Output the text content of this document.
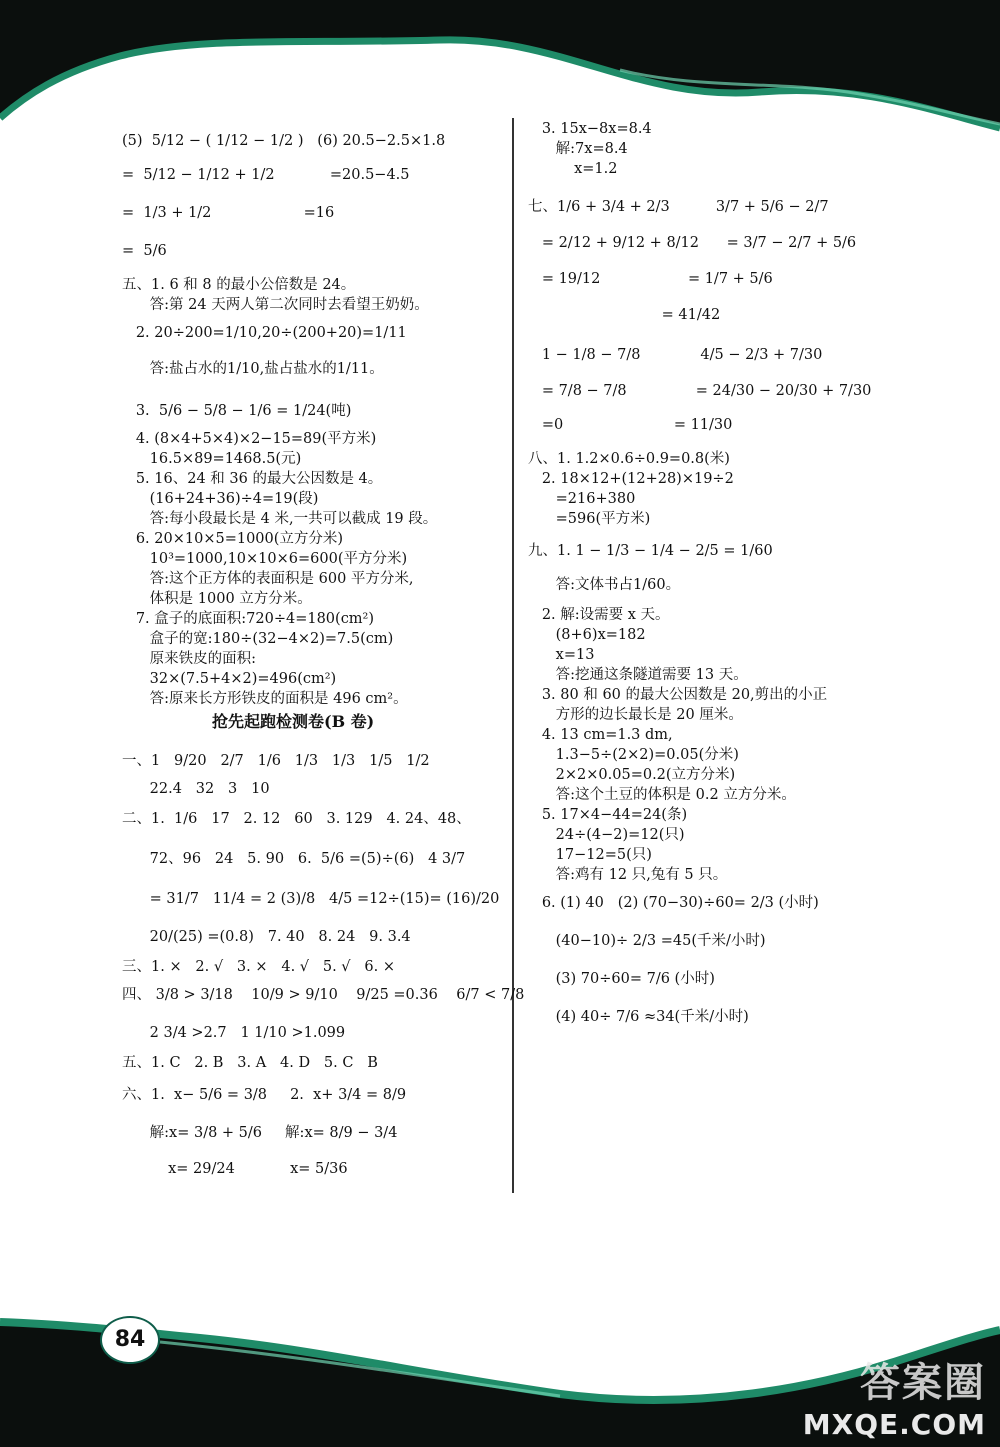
84
(5)  5/12 − ( 1/12 − 1/2 )   (6) 20.5−2.5×1.8
=  5/12 − 1/12 + 1/2            =20.5−4.5
=  1/3 + 1/2                    =16
=  5/6
五、1. 6 和 8 的最小公倍数是 24。
答:第 24 天两人第二次同时去看望王奶奶。
2. 20÷200=1/10,20÷(200+20)=1/11
答:盐占水的1/10,盐占盐水的1/11。
3.  5/6 − 5/8 − 1/6 = 1/24(吨)
4. (8×4+5×4)×2−15=89(平方米)
16.5×89=1468.5(元)
5. 16、24 和 36 的最大公因数是 4。
(16+24+36)÷4=19(段)
答:每小段最长是 4 米,一共可以截成 19 段。
6. 20×10×5=1000(立方分米)
10³=1000,10×10×6=600(平方分米)
答:这个正方体的表面积是 600 平方分米,
体积是 1000 立方分米。
7. 盒子的底面积:720÷4=180(cm²)
盒子的宽:180÷(32−4×2)=7.5(cm)
原来铁皮的面积:
32×(7.5+4×2)=496(cm²)
答:原来长方形铁皮的面积是 496 cm²。
抢先起跑检测卷(B 卷)
一、1   9/20   2/7   1/6   1/3   1/3   1/5   1/2
22.4   32   3   10
二、1.  1/6   17   2. 12   60   3. 129   4. 24、48、
72、96   24   5. 90   6.  5/6 =(5)÷(6)   4 3/7
= 31/7   11/4 = 2 (3)/8   4/5 =12÷(15)= (16)/20
20/(25) =(0.8)   7. 40   8. 24   9. 3.4
三、1. ×   2. √   3. ×   4. √   5. √   6. ×
四、 3/8 > 3/18    10/9 > 9/10    9/25 =0.36    6/7 < 7/8
2 3/4 >2.7   1 1/10 >1.099
五、1. C   2. B   3. A   4. D   5. C   B
六、1.  x− 5/6 = 3/8     2.  x+ 3/4 = 8/9
解:x= 3/8 + 5/6     解:x= 8/9 − 3/4
x= 29/24            x= 5/36
3. 15x−8x=8.4
解:7x=8.4
x=1.2
七、1/6 + 3/4 + 2/3          3/7 + 5/6 − 2/7
= 2/12 + 9/12 + 8/12      = 3/7 − 2/7 + 5/6
= 19/12                   = 1/7 + 5/6
= 41/42
1 − 1/8 − 7/8             4/5 − 2/3 + 7/30
= 7/8 − 7/8               = 24/30 − 20/30 + 7/30
=0                        = 11/30
八、1. 1.2×0.6÷0.9=0.8(米)
2. 18×12+(12+28)×19÷2
=216+380
=596(平方米)
九、1. 1 − 1/3 − 1/4 − 2/5 = 1/60
答:文体书占1/60。
2. 解:设需要 x 天。
(8+6)x=182
x=13
答:挖通这条隧道需要 13 天。
3. 80 和 60 的最大公因数是 20,剪出的小正
方形的边长最长是 20 厘米。
4. 13 cm=1.3 dm,
1.3−5÷(2×2)=0.05(分米)
2×2×0.05=0.2(立方分米)
答:这个土豆的体积是 0.2 立方分米。
5. 17×4−44=24(条)
24÷(4−2)=12(只)
17−12=5(只)
答:鸡有 12 只,兔有 5 只。
6. (1) 40   (2) (70−30)÷60= 2/3 (小时)
(40−10)÷ 2/3 =45(千米/小时)
(3) 70÷60= 7/6 (小时)
(4) 40÷ 7/6 ≈34(千米/小时)
答案圈
MXQE.COM
